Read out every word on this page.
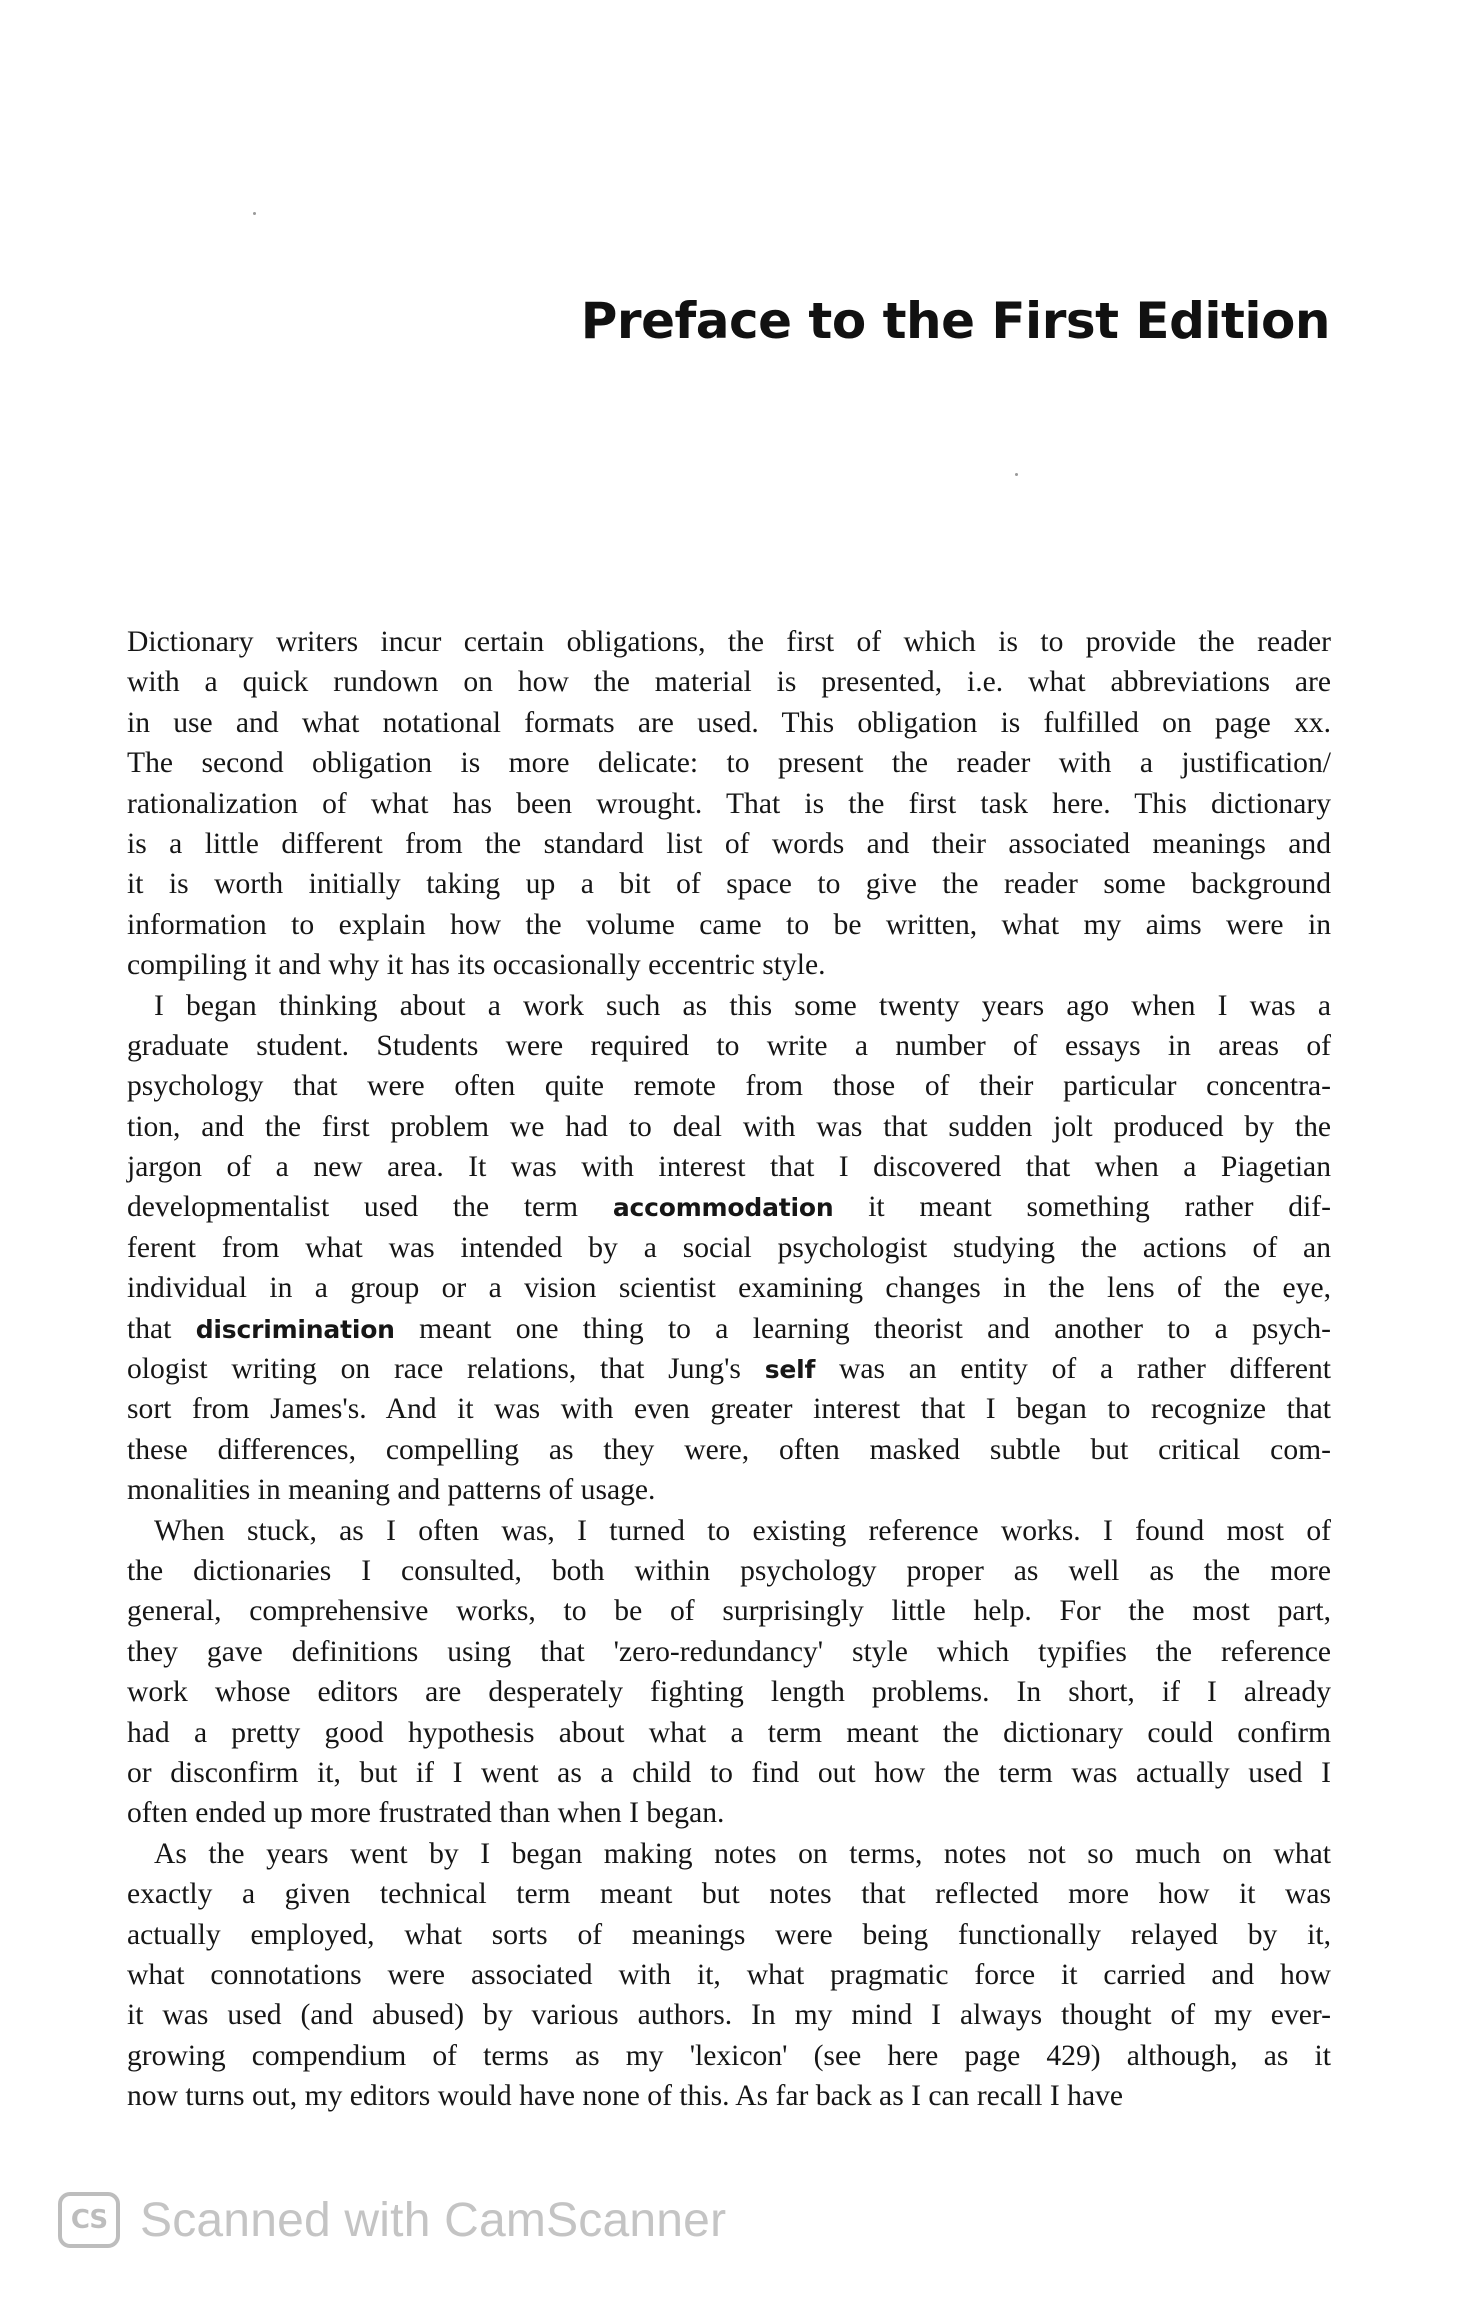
Preface to the First Edition
Dictionary writers incur certain obligations, the first of which is to provide the reader
with a quick rundown on how the material is presented, i.e. what abbreviations are
in use and what notational formats are used. This obligation is fulfilled on page xx.
The second obligation is more delicate: to present the reader with a justification/
rationalization of what has been wrought. That is the first task here. This dictionary
is a little different from the standard list of words and their associated meanings and
it is worth initially taking up a bit of space to give the reader some background
information to explain how the volume came to be written, what my aims were in
compiling it and why it has its occasionally eccentric style.
I began thinking about a work such as this some twenty years ago when I was a
graduate student. Students were required to write a number of essays in areas of
psychology that were often quite remote from those of their particular concentra-
tion, and the first problem we had to deal with was that sudden jolt produced by the
jargon of a new area. It was with interest that I discovered that when a Piagetian
developmentalist used the term accommodation it meant something rather dif-
ferent from what was intended by a social psychologist studying the actions of an
individual in a group or a vision scientist examining changes in the lens of the eye,
that discrimination meant one thing to a learning theorist and another to a psych-
ologist writing on race relations, that Jung's self was an entity of a rather different
sort from James's. And it was with even greater interest that I began to recognize that
these differences, compelling as they were, often masked subtle but critical com-
monalities in meaning and patterns of usage.
When stuck, as I often was, I turned to existing reference works. I found most of
the dictionaries I consulted, both within psychology proper as well as the more
general, comprehensive works, to be of surprisingly little help. For the most part,
they gave definitions using that 'zero-redundancy' style which typifies the reference
work whose editors are desperately fighting length problems. In short, if I already
had a pretty good hypothesis about what a term meant the dictionary could confirm
or disconfirm it, but if I went as a child to find out how the term was actually used I
often ended up more frustrated than when I began.
As the years went by I began making notes on terms, notes not so much on what
exactly a given technical term meant but notes that reflected more how it was
actually employed, what sorts of meanings were being functionally relayed by it,
what connotations were associated with it, what pragmatic force it carried and how
it was used (and abused) by various authors. In my mind I always thought of my ever-
growing compendium of terms as my 'lexicon' (see here page 429) although, as it
now turns out, my editors would have none of this. As far back as I can recall I have
CS Scanned with CamScanner
